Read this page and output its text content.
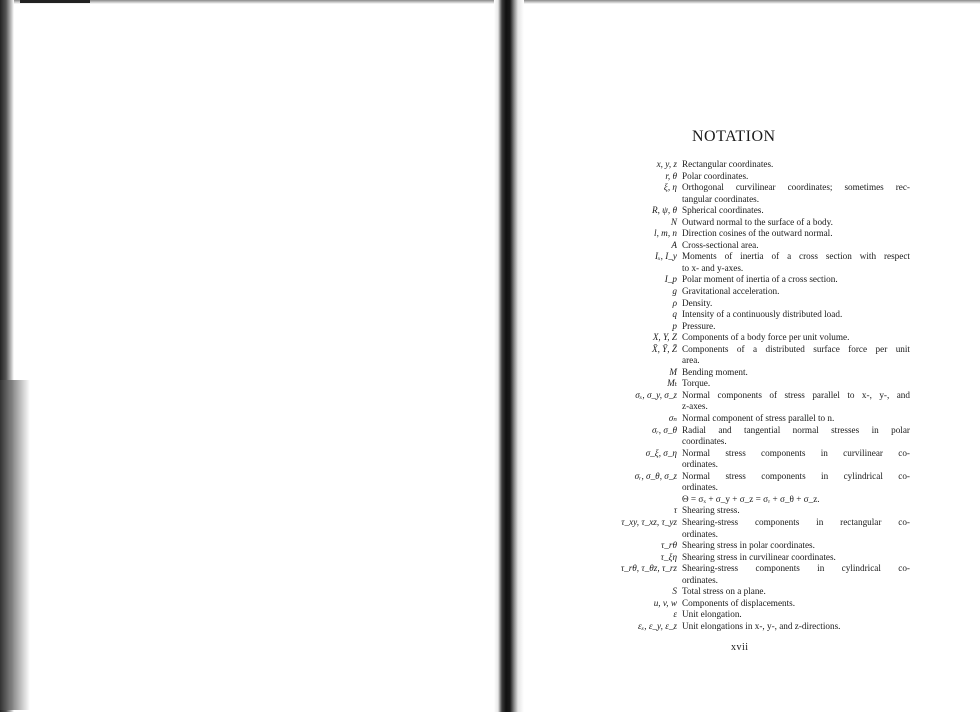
NOTATION
x, y, z Rectangular coordinates.
r, θ Polar coordinates.
ξ, η Orthogonal curvilinear coordinates; sometimes rec-
tangular coordinates.
R, ψ, θ Spherical coordinates.
N Outward normal to the surface of a body.
l, m, n Direction cosines of the outward normal.
A Cross-sectional area.
Iₓ, I_y Moments of inertia of a cross section with respect
to x- and y-axes.
I_p Polar moment of inertia of a cross section.
g Gravitational acceleration.
ρ Density.
q Intensity of a continuously distributed load.
p Pressure.
X, Y, Z Components of a body force per unit volume.
X̄, Ȳ, Z̄ Components of a distributed surface force per unit
area.
M Bending moment.
Mₜ Torque.
σₓ, σ_y, σ_z Normal components of stress parallel to x-, y-, and
z-axes.
σₙ Normal component of stress parallel to n.
σᵣ, σ_θ Radial and tangential normal stresses in polar
coordinates.
σ_ξ, σ_η Normal stress components in curvilinear co-
ordinates.
σᵣ, σ_θ, σ_z Normal stress components in cylindrical co-
ordinates.
Θ = σₓ + σ_y + σ_z = σᵣ + σ_θ + σ_z.
τ Shearing stress.
τ_xy, τ_xz, τ_yz Shearing-stress components in rectangular co-
ordinates.
τ_rθ Shearing stress in polar coordinates.
τ_ξη Shearing stress in curvilinear coordinates.
τ_rθ, τ_θz, τ_rz Shearing-stress components in cylindrical co-
ordinates.
S Total stress on a plane.
u, v, w Components of displacements.
ε Unit elongation.
εₓ, ε_y, ε_z Unit elongations in x-, y-, and z-directions.
xvii
